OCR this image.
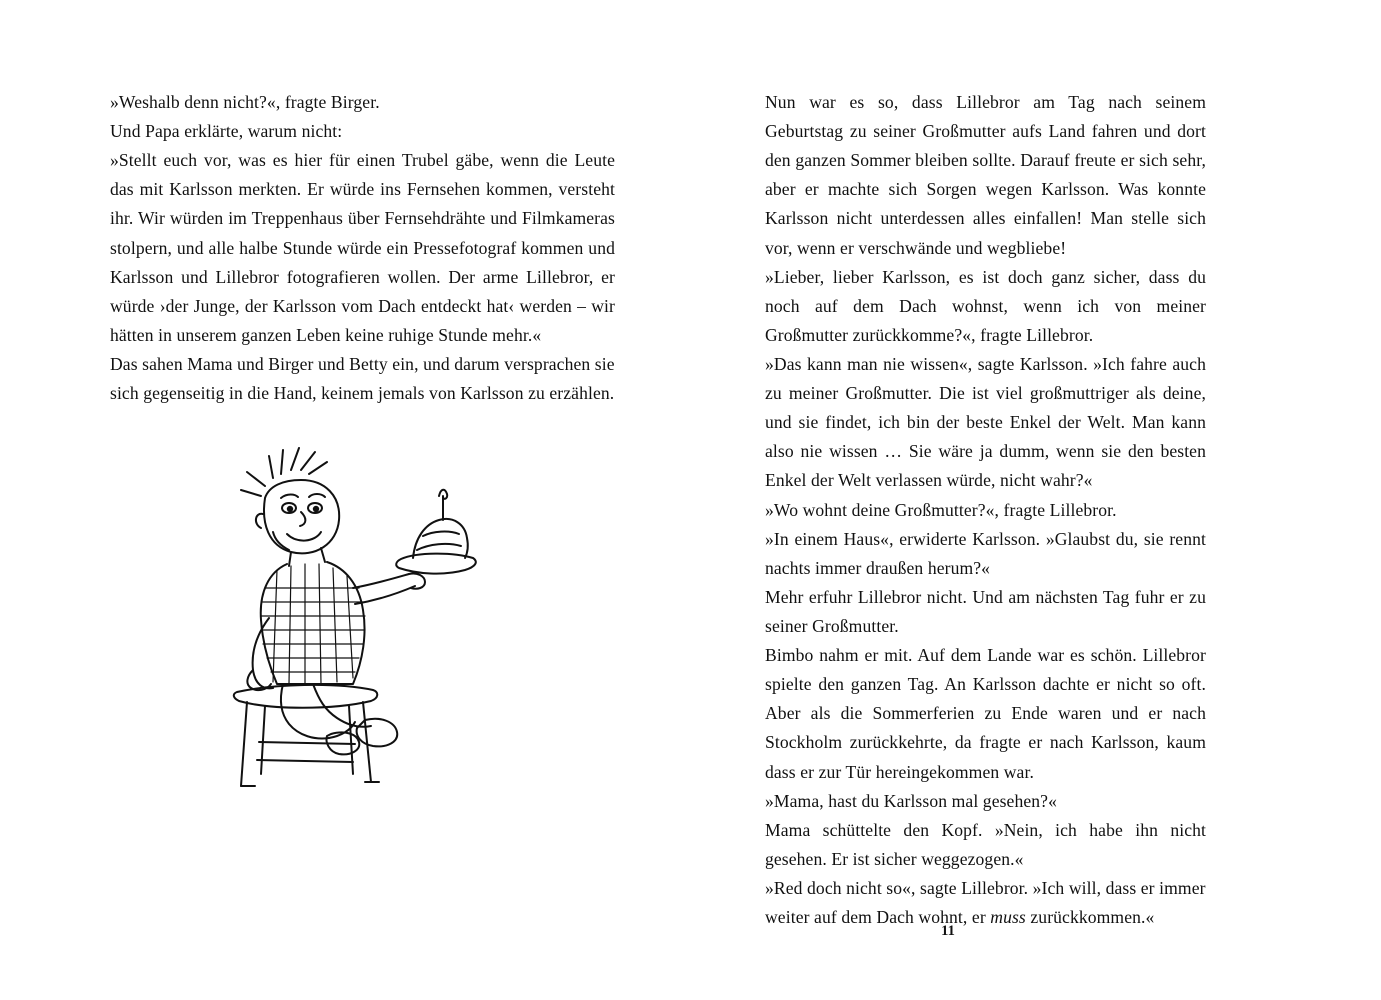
»Weshalb denn nicht?«, fragte Birger.

Und Papa erklärte, warum nicht:

»Stellt euch vor, was es hier für einen Trubel gäbe, wenn die Leute das mit Karlsson merkten. Er würde ins Fernsehen kommen, versteht ihr. Wir würden im Treppenhaus über Fernsehdrähte und Filmkameras stolpern, und alle halbe Stunde würde ein Pressefotograf kommen und Karlsson und Lillebror fotografieren wollen. Der arme Lillebror, er würde ›der Junge, der Karlsson vom Dach entdeckt hat‹ werden – wir hätten in unserem ganzen Leben keine ruhige Stunde mehr.«

Das sahen Mama und Birger und Betty ein, und darum versprachen sie sich gegenseitig in die Hand, keinem jemals von Karlsson zu erzählen.

Nun war es so, dass Lillebror am Tag nach seinem Geburtstag zu seiner Großmutter aufs Land fahren und dort den ganzen Sommer bleiben sollte. Darauf freute er sich sehr, aber er machte sich Sorgen wegen Karlsson. Was konnte Karlsson nicht unterdessen alles einfallen! Man stelle sich vor, wenn er verschwände und wegbliebe!

»Lieber, lieber Karlsson, es ist doch ganz sicher, dass du noch auf dem Dach wohnst, wenn ich von meiner Großmutter zurückkomme?«, fragte Lillebror.

»Das kann man nie wissen«, sagte Karlsson. »Ich fahre auch zu meiner Großmutter. Die ist viel großmuttriger als deine, und sie findet, ich bin der beste Enkel der Welt. Man kann also nie wissen … Sie wäre ja dumm, wenn sie den besten Enkel der Welt verlassen würde, nicht wahr?«

»Wo wohnt deine Großmutter?«, fragte Lillebror.

»In einem Haus«, erwiderte Karlsson. »Glaubst du, sie rennt nachts immer draußen herum?«

Mehr erfuhr Lillebror nicht. Und am nächsten Tag fuhr er zu seiner Großmutter.

Bimbo nahm er mit. Auf dem Lande war es schön. Lillebror spielte den ganzen Tag. An Karlsson dachte er nicht so oft. Aber als die Sommerferien zu Ende waren und er nach Stockholm zurückkehrte, da fragte er nach Karlsson, kaum dass er zur Tür hereingekommen war.

»Mama, hast du Karlsson mal gesehen?«

Mama schüttelte den Kopf. »Nein, ich habe ihn nicht gesehen. Er ist sicher weggezogen.«

»Red doch nicht so«, sagte Lillebror. »Ich will, dass er immer weiter auf dem Dach wohnt, er muss zurückkommen.«

11
